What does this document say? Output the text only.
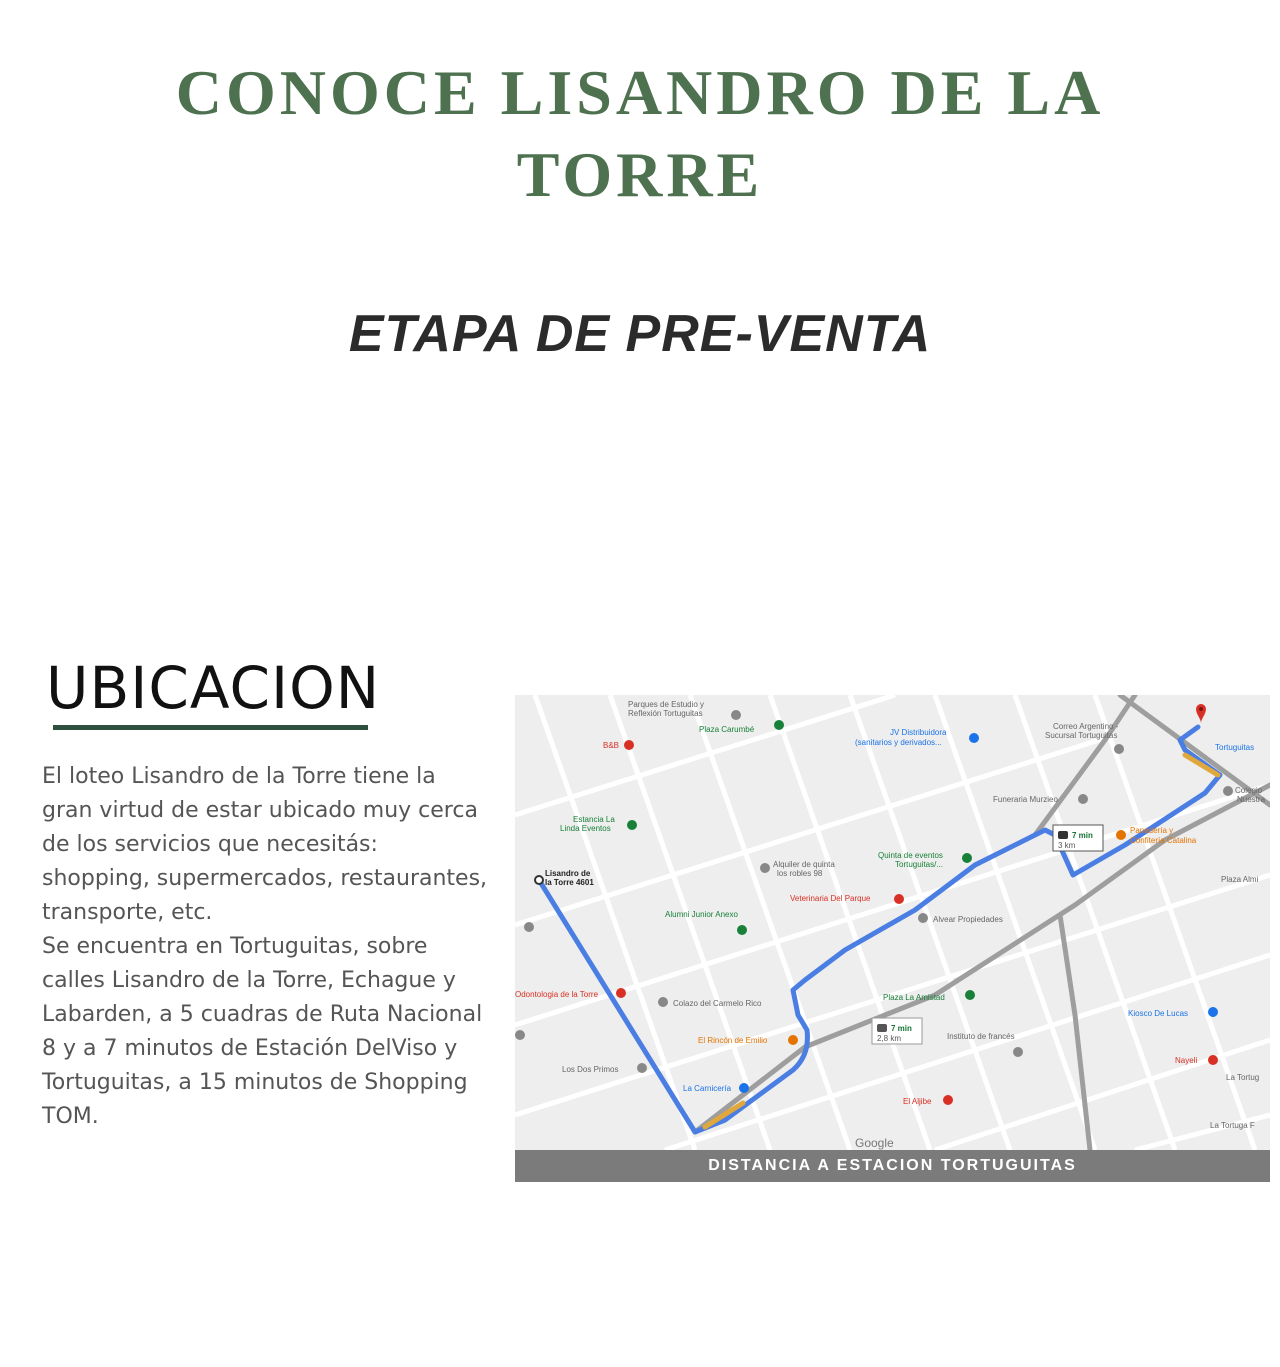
CONOCE LISANDRO DE LA
TORRE
ETAPA DE PRE-VENTA
UBICACION

El loteo Lisandro de la Torre tiene la gran virtud de estar ubicado muy cerca de los servicios que necesitás: shopping, supermercados, restaurantes, transporte, etc.

Se encuentra en Tortuguitas, sobre calles Lisandro de la Torre, Echague y Labarden, a 5 cuadras de Ruta Nacional 8 y a 7 minutos de Estación DelViso y Tortuguitas, a 15 minutos de Shopping TOM.

Lisandro de
la Torre 4601
7 min
3 km
7 min
2,8 km
Parques de Estudio y
Reflexión Tortuguitas
Plaza Carumbé	JV Distribuidora
(sanitarios y derivados...
Correo Argentino -
Sucursal Tortuguitas
Tortuguitas
Colegio
Nuestra
Funeraria Murzieo
Panadería y
Confitería Catalina
Plaza Almi
Estancia La
Linda Eventos
B&B
Alquiler de quinta
los robles 98
Quinta de eventos
Tortuguitas/...
Veterinaria Del Parque
Alvear Propiedades
Alumni Junior Anexo
Odontologia de la Torre
Colazo del Carmelo Rico
Plaza La Amistad
Instituto de francés
Kiosco De Lucas
Nayeli
El Rincón de Emilio
Los Dos Primos
La Carnicería
El Aljibe
La Tortug
La Tortuga F
Google
DISTANCIA A ESTACION TORTUGUITAS
